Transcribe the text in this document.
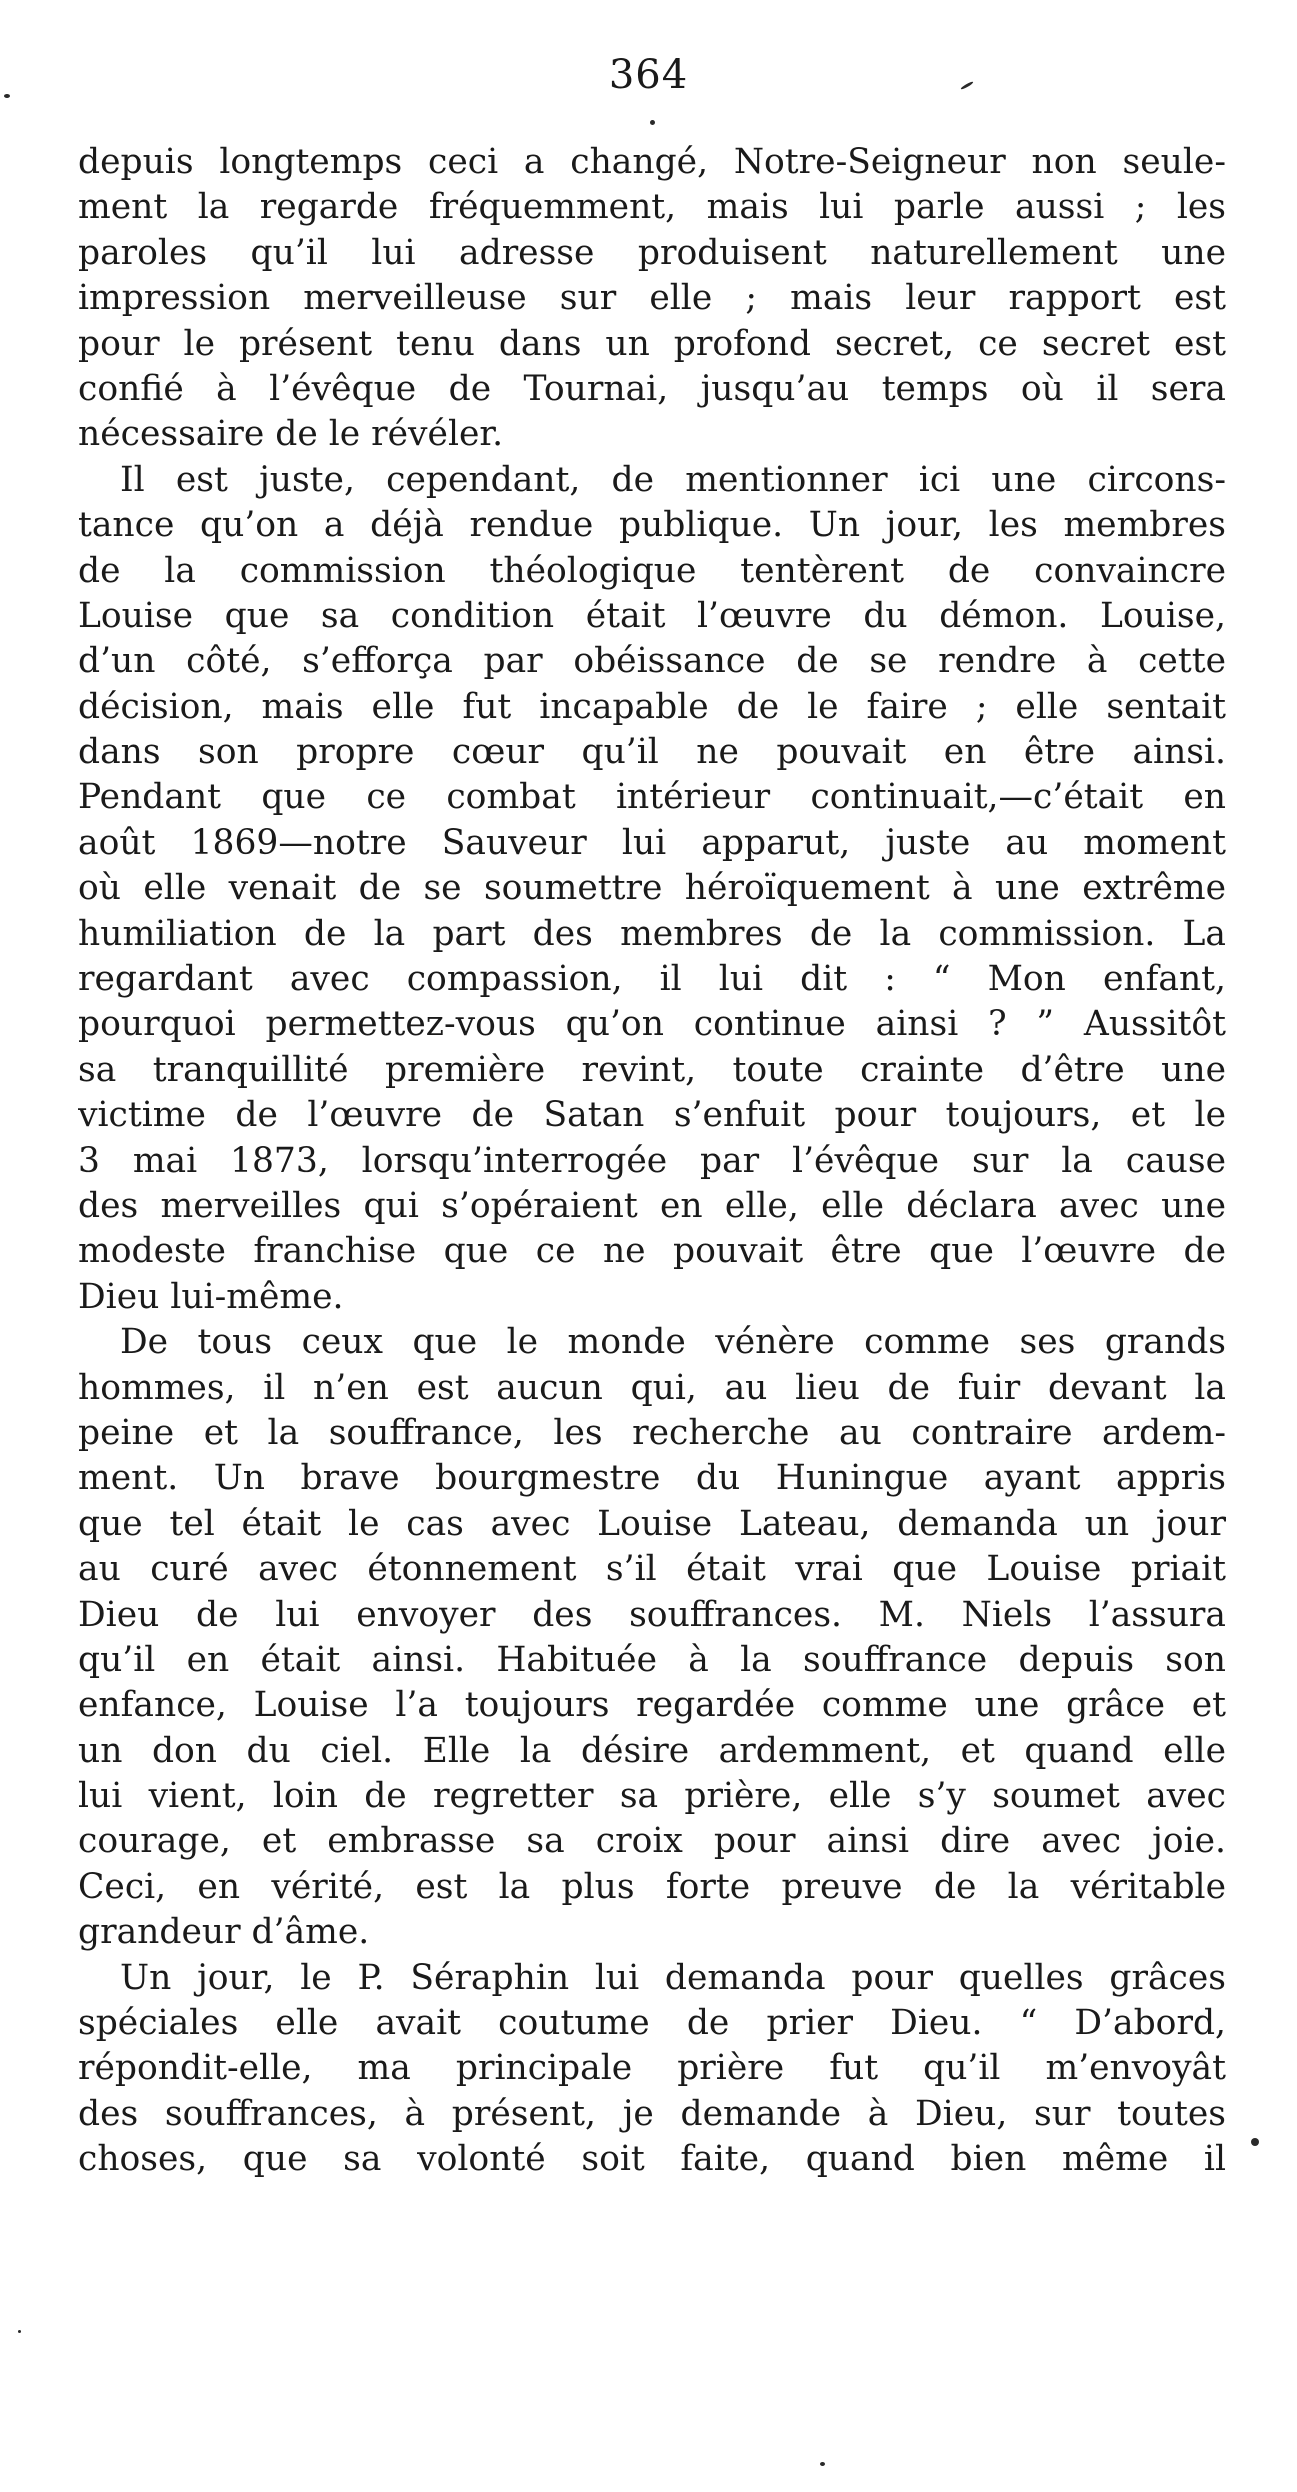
364
depuis longtemps ceci a changé, Notre-Seigneur non seule-
ment la regarde fréquemment, mais lui parle aussi ; les
paroles qu’il lui adresse produisent naturellement une
impression merveilleuse sur elle ; mais leur rapport est
pour le présent tenu dans un profond secret, ce secret est
confié à l’évêque de Tournai, jusqu’au temps où il sera
nécessaire de le révéler.
Il est juste, cependant, de mentionner ici une circons-
tance qu’on a déjà rendue publique. Un jour, les membres
de la commission théologique tentèrent de convaincre
Louise que sa condition était l’œuvre du démon. Louise,
d’un côté, s’efforça par obéissance de se rendre à cette
décision, mais elle fut incapable de le faire ; elle sentait
dans son propre cœur qu’il ne pouvait en être ainsi.
Pendant que ce combat intérieur continuait,—c’était en
août 1869—notre Sauveur lui apparut, juste au moment
où elle venait de se soumettre héroïquement à une extrême
humiliation de la part des membres de la commission. La
regardant avec compassion, il lui dit : “ Mon enfant,
pourquoi permettez-vous qu’on continue ainsi ? ” Aussitôt
sa tranquillité première revint, toute crainte d’être une
victime de l’œuvre de Satan s’enfuit pour toujours, et le
3 mai 1873, lorsqu’interrogée par l’évêque sur la cause
des merveilles qui s’opéraient en elle, elle déclara avec une
modeste franchise que ce ne pouvait être que l’œuvre de
Dieu lui-même.
De tous ceux que le monde vénère comme ses grands
hommes, il n’en est aucun qui, au lieu de fuir devant la
peine et la souffrance, les recherche au contraire ardem-
ment. Un brave bourgmestre du Huningue ayant appris
que tel était le cas avec Louise Lateau, demanda un jour
au curé avec étonnement s’il était vrai que Louise priait
Dieu de lui envoyer des souffrances. M. Niels l’assura
qu’il en était ainsi. Habituée à la souffrance depuis son
enfance, Louise l’a toujours regardée comme une grâce et
un don du ciel. Elle la désire ardemment, et quand elle
lui vient, loin de regretter sa prière, elle s’y soumet avec
courage, et embrasse sa croix pour ainsi dire avec joie.
Ceci, en vérité, est la plus forte preuve de la véritable
grandeur d’âme.
Un jour, le P. Séraphin lui demanda pour quelles grâces
spéciales elle avait coutume de prier Dieu. “ D’abord,
répondit-elle, ma principale prière fut qu’il m’envoyât
des souffrances, à présent, je demande à Dieu, sur toutes
choses, que sa volonté soit faite, quand bien même il
